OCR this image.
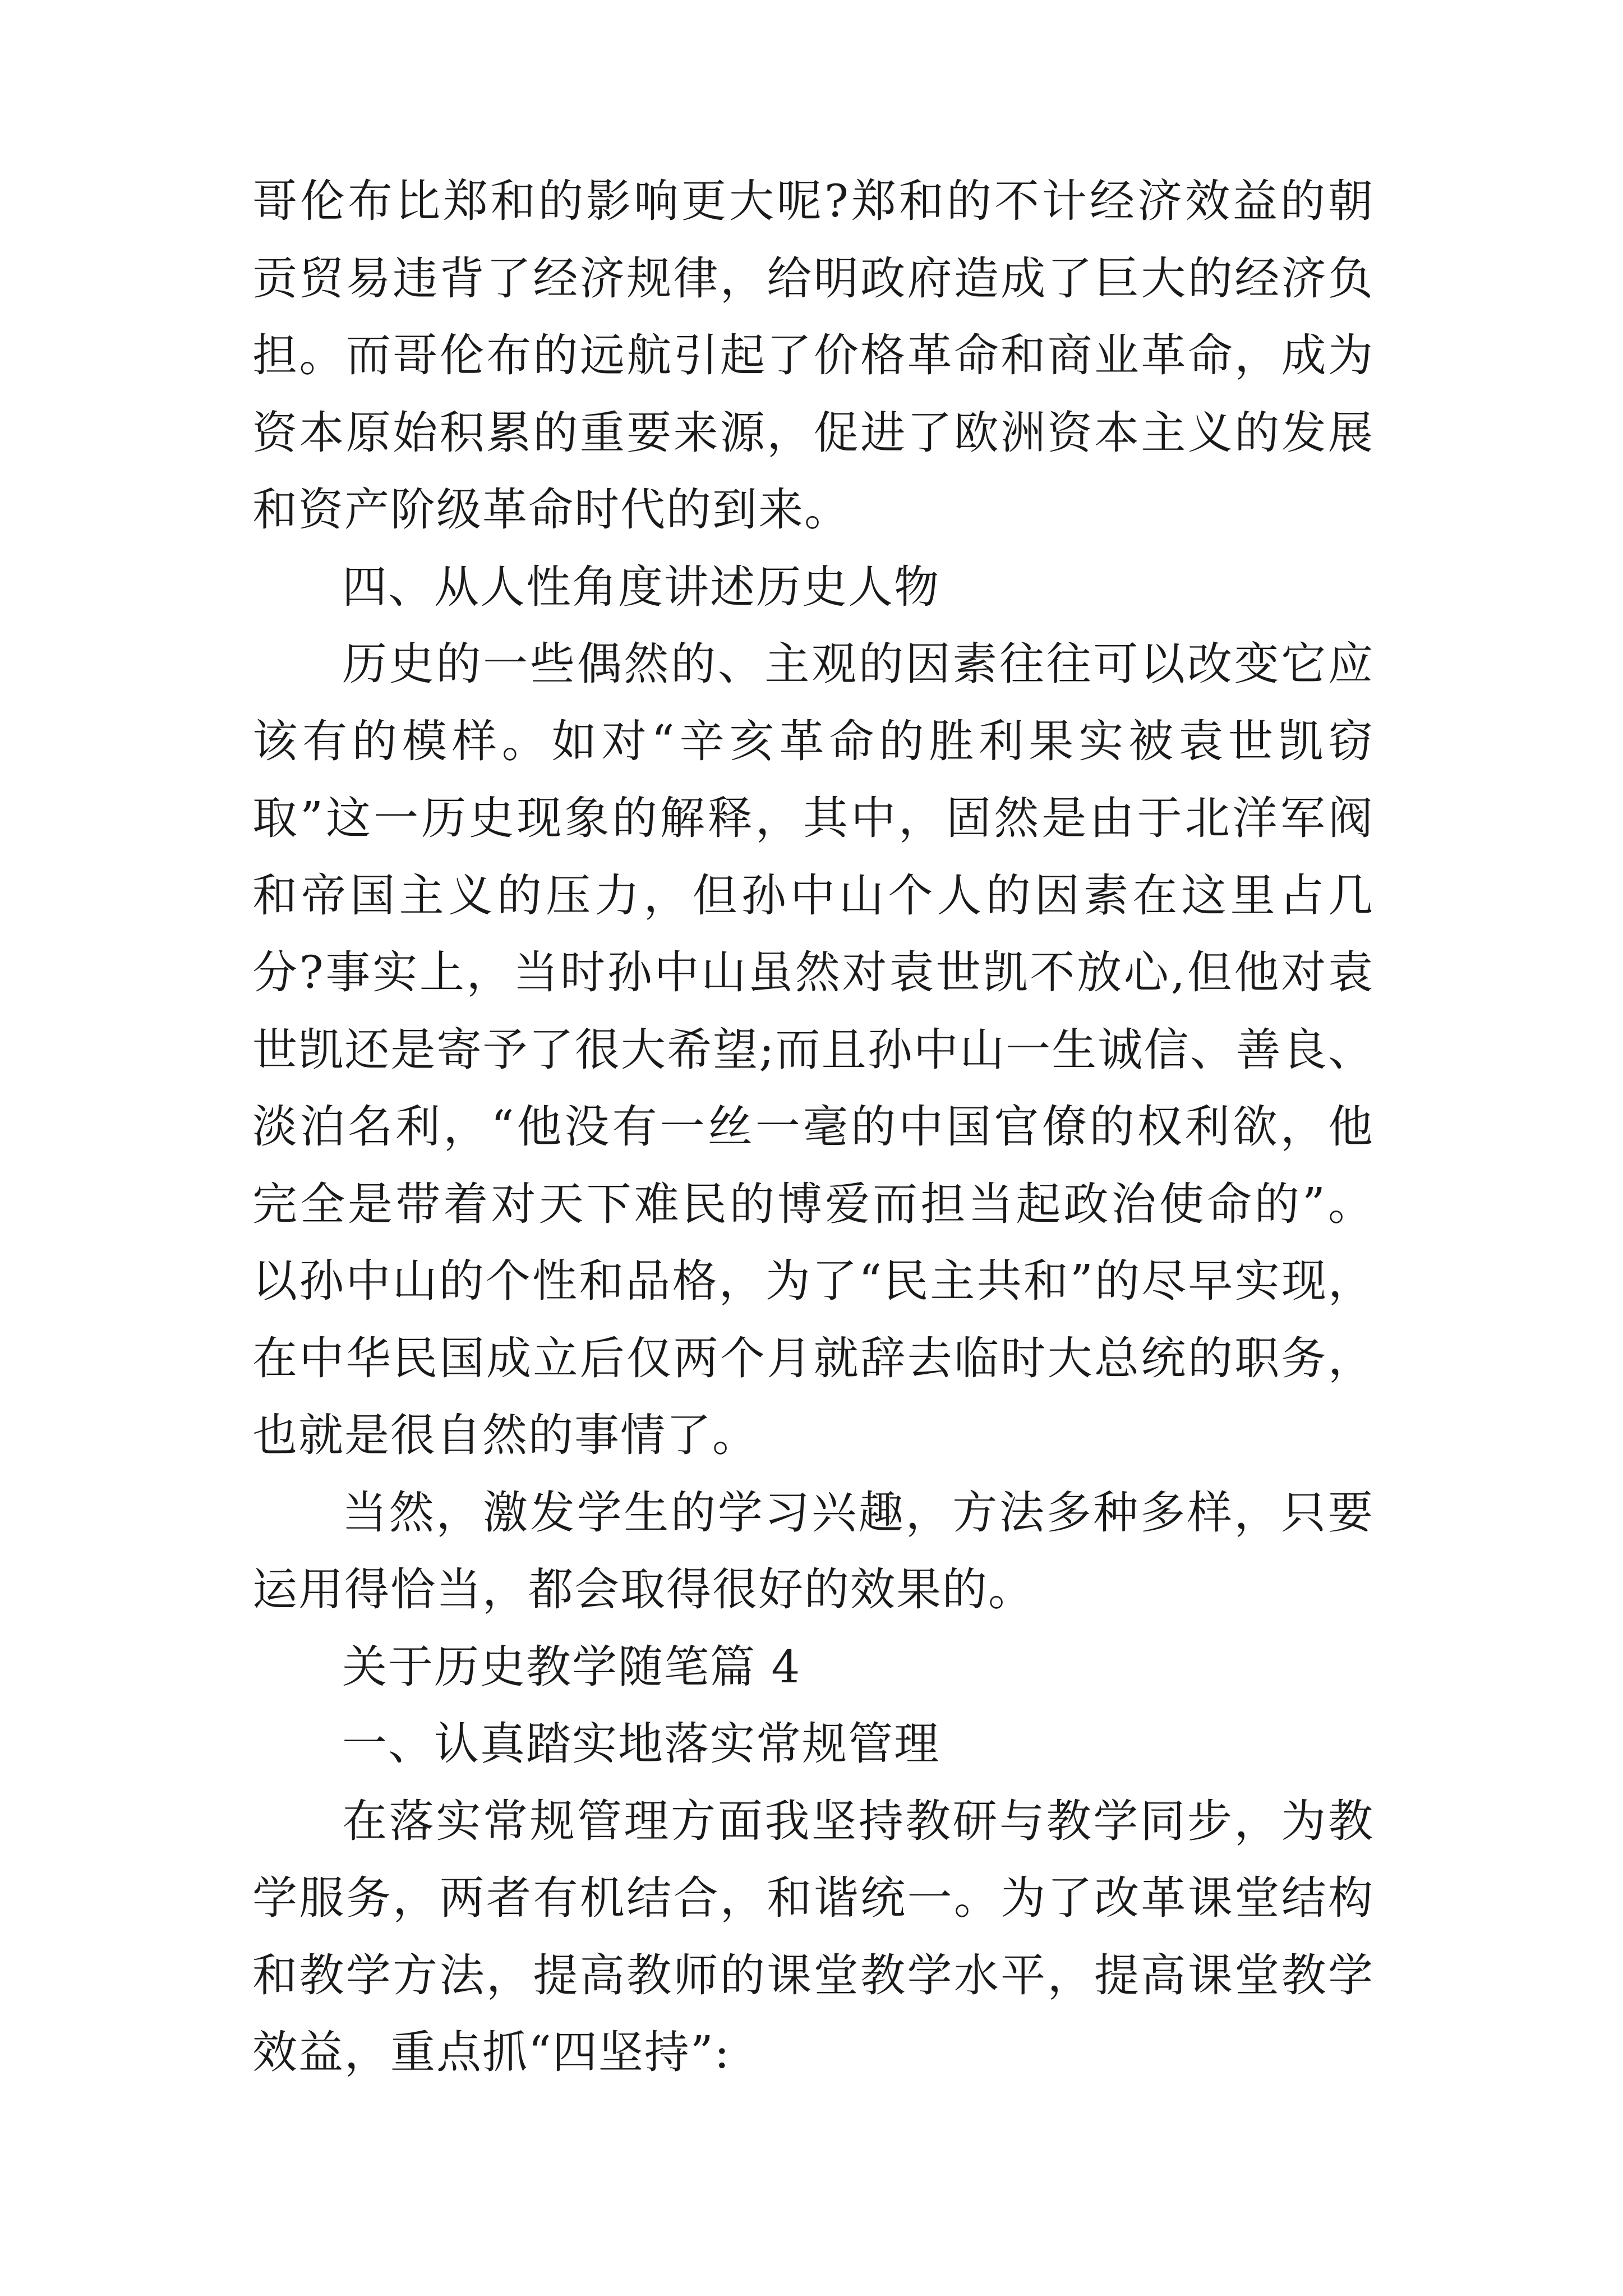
哥伦布比郑和的影响更大呢?郑和的不计经济效益的朝贡贸易违背了经济规律，给明政府造成了巨大的经济负担。而哥伦布的远航引起了价格革命和商业革命，成为资本原始积累的重要来源，促进了欧洲资本主义的发展和资产阶级革命时代的到来。

四、从人性角度讲述历史人物

历史的一些偶然的、主观的因素往往可以改变它应该有的模样。如对“辛亥革命的胜利果实被袁世凯窃取”这一历史现象的解释，其中，固然是由于北洋军阀和帝国主义的压力，但孙中山个人的因素在这里占几分?事实上，当时孙中山虽然对袁世凯不放心,但他对袁世凯还是寄予了很大希望;而且孙中山一生诚信、善良、淡泊名利，“他没有一丝一毫的中国官僚的权利欲，他完全是带着对天下难民的博爱而担当起政治使命的”。以孙中山的个性和品格，为了“民主共和”的尽早实现，在中华民国成立后仅两个月就辞去临时大总统的职务，也就是很自然的事情了。

当然，激发学生的学习兴趣，方法多种多样，只要运用得恰当，都会取得很好的效果的。

关于历史教学随笔篇 4

一、认真踏实地落实常规管理

在落实常规管理方面我坚持教研与教学同步，为教学服务，两者有机结合，和谐统一。为了改革课堂结构和教学方法，提高教师的课堂教学水平，提高课堂教学效益，重点抓“四坚持”:
